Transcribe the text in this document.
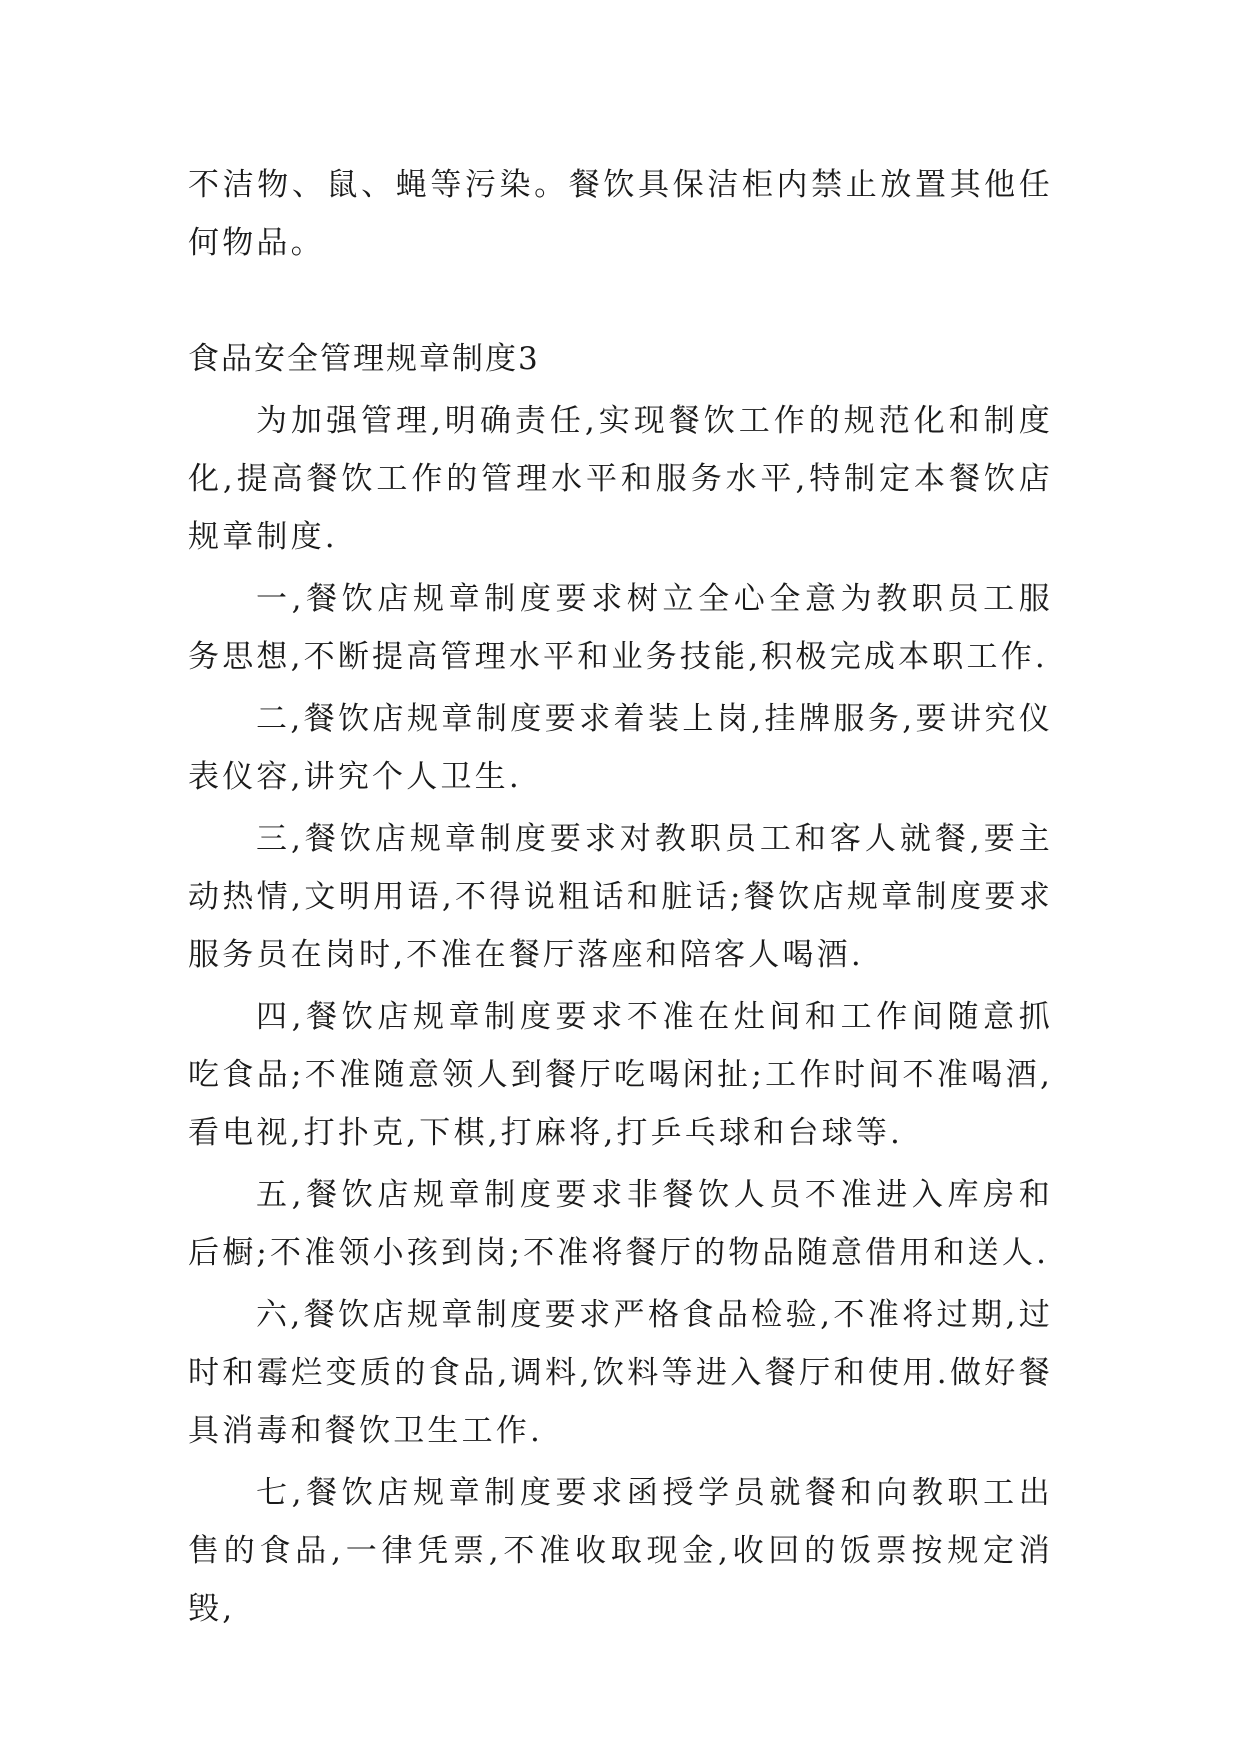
不洁物、鼠、蝇等污染。餐饮具保洁柜内禁止放置其他任何物品。

食品安全管理规章制度3

为加强管理,明确责任,实现餐饮工作的规范化和制度化,提高餐饮工作的管理水平和服务水平,特制定本餐饮店规章制度.

一,餐饮店规章制度要求树立全心全意为教职员工服务思想,不断提高管理水平和业务技能,积极完成本职工作.

二,餐饮店规章制度要求着装上岗,挂牌服务,要讲究仪表仪容,讲究个人卫生.

三,餐饮店规章制度要求对教职员工和客人就餐,要主动热情,文明用语,不得说粗话和脏话;餐饮店规章制度要求服务员在岗时,不准在餐厅落座和陪客人喝酒.

四,餐饮店规章制度要求不准在灶间和工作间随意抓吃食品;不准随意领人到餐厅吃喝闲扯;工作时间不准喝酒,看电视,打扑克,下棋,打麻将,打乒乓球和台球等.

五,餐饮店规章制度要求非餐饮人员不准进入库房和后橱;不准领小孩到岗;不准将餐厅的物品随意借用和送人.

六,餐饮店规章制度要求严格食品检验,不准将过期,过时和霉烂变质的食品,调料,饮料等进入餐厅和使用.做好餐具消毒和餐饮卫生工作.

七,餐饮店规章制度要求函授学员就餐和向教职工出售的食品,一律凭票,不准收取现金,收回的饭票按规定消毁,
